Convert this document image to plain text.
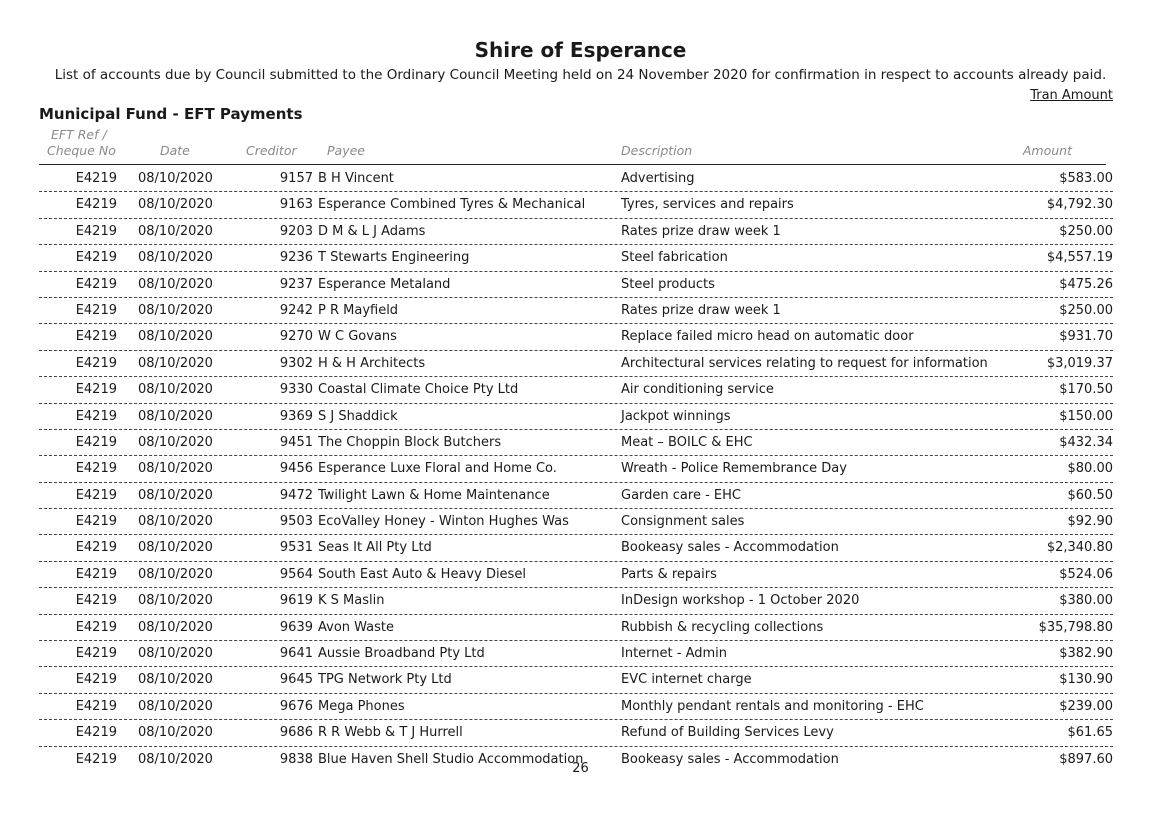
Shire of Esperance
List of accounts due by Council submitted to the Ordinary Council Meeting held on 24 November 2020 for confirmation in respect to accounts already paid.
Tran Amount
Municipal Fund - EFT Payments
EFT Ref /
Cheque No	Date	Creditor Payee	Description	Amount
E4219 08/10/2020	9157 B H Vincent	Advertising	$583.00
E4219 08/10/2020	9163 Esperance Combined Tyres & Mechanical	Tyres, services and repairs	$4,792.30
E4219 08/10/2020	9203 D M & L J Adams	Rates prize draw week 1	$250.00
E4219 08/10/2020	9236 T Stewarts Engineering	Steel fabrication	$4,557.19
E4219 08/10/2020	9237 Esperance Metaland	Steel products	$475.26
E4219 08/10/2020	9242 P R Mayfield	Rates prize draw week 1	$250.00
E4219 08/10/2020	9270 W C Govans	Replace failed micro head on automatic door	$931.70
E4219 08/10/2020	9302 H & H Architects	Architectural services relating to request for information	$3,019.37
E4219 08/10/2020	9330 Coastal Climate Choice Pty Ltd	Air conditioning service	$170.50
E4219 08/10/2020	9369 S J Shaddick	Jackpot winnings	$150.00
E4219 08/10/2020	9451 The Choppin Block Butchers	Meat – BOILC & EHC	$432.34
E4219 08/10/2020	9456 Esperance Luxe Floral and Home Co.	Wreath - Police Remembrance Day	$80.00
E4219 08/10/2020	9472 Twilight Lawn & Home Maintenance	Garden care - EHC	$60.50
E4219 08/10/2020	9503 EcoValley Honey - Winton Hughes Was	Consignment sales	$92.90
E4219 08/10/2020	9531 Seas It All Pty Ltd	Bookeasy sales - Accommodation	$2,340.80
E4219 08/10/2020	9564 South East Auto & Heavy Diesel	Parts & repairs	$524.06
E4219 08/10/2020	9619 K S Maslin	InDesign workshop - 1 October 2020	$380.00
E4219 08/10/2020	9639 Avon Waste	Rubbish & recycling collections	$35,798.80
E4219 08/10/2020	9641 Aussie Broadband Pty Ltd	Internet - Admin	$382.90
E4219 08/10/2020	9645 TPG Network Pty Ltd	EVC internet charge	$130.90
E4219 08/10/2020	9676 Mega Phones	Monthly pendant rentals and monitoring - EHC	$239.00
E4219 08/10/2020	9686 R R Webb & T J Hurrell	Refund of Building Services Levy	$61.65
E4219 08/10/2020	9838 Blue Haven Shell Studio Accommodation	Bookeasy sales - Accommodation	$897.60
26
